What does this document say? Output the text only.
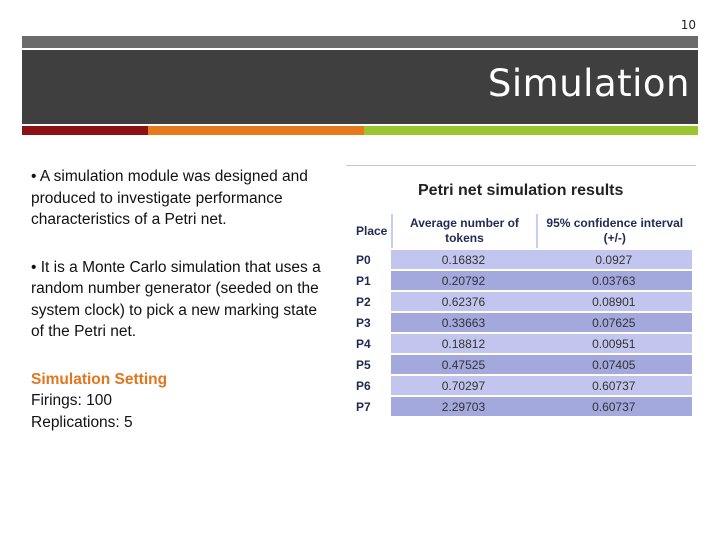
10
Simulation

• A simulation module was designed and produced to investigate performance characteristics of a Petri net.

• It is a Monte Carlo simulation that uses a random number generator (seeded on the system clock) to pick a new marking state of the Petri net.

Simulation Setting
Firings: 100
Replications: 5
Petri net simulation results
Place	Average number of tokens	95% confidence interval (+/-)
P0	0.16832	0.0927
P1	0.20792	0.03763
P2	0.62376	0.08901
P3	0.33663	0.07625
P4	0.18812	0.00951
P5	0.47525	0.07405
P6	0.70297	0.60737
P7	2.29703	0.60737
